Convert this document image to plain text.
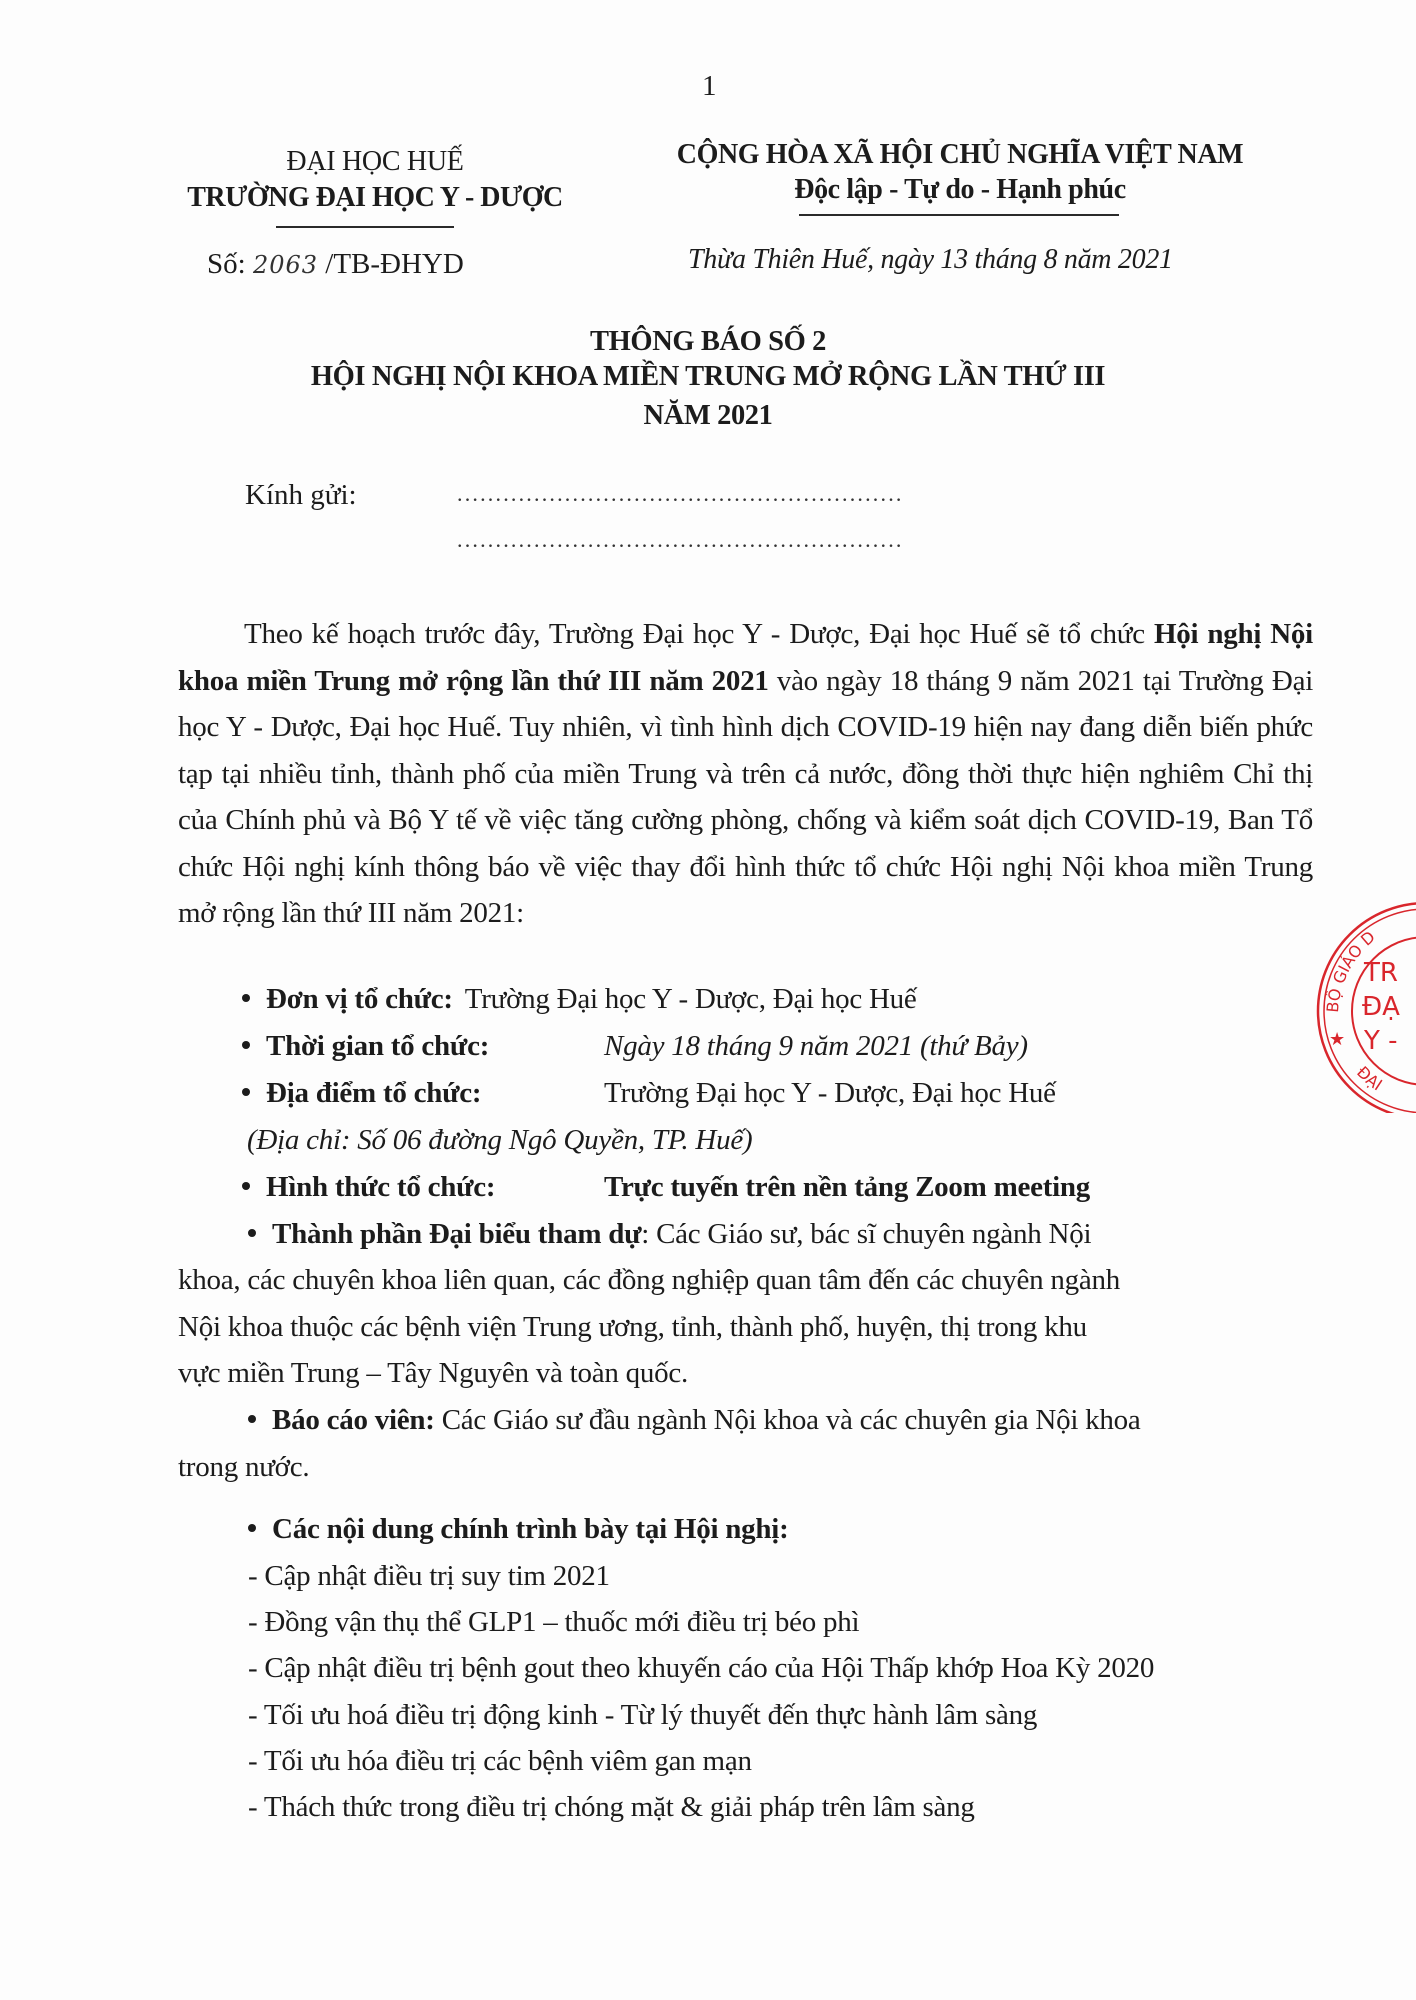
1
ĐẠI HỌC HUẾ
TRƯỜNG ĐẠI HỌC Y - DƯỢC
Số: 2063 /TB-ĐHYD
CỘNG HÒA XÃ HỘI CHỦ NGHĨA VIỆT NAM
Độc lập - Tự do - Hạnh phúc
Thừa Thiên Huế, ngày 13 tháng 8 năm 2021
THÔNG BÁO SỐ 2
HỘI NGHỊ NỘI KHOA MIỀN TRUNG MỞ RỘNG LẦN THỨ III
NĂM 2021
Kính gửi:	..........................................................
..........................................................
Theo kế hoạch trước đây, Trường Đại học Y - Dược, Đại học Huế sẽ tổ chức Hội nghị Nội khoa miền Trung mở rộng lần thứ III năm 2021 vào ngày 18 tháng 9 năm 2021 tại Trường Đại học Y - Dược, Đại học Huế. Tuy nhiên, vì tình hình dịch COVID-19 hiện nay đang diễn biến phức tạp tại nhiều tỉnh, thành phố của miền Trung và trên cả nước, đồng thời thực hiện nghiêm Chỉ thị của Chính phủ và Bộ Y tế về việc tăng cường phòng, chống và kiểm soát dịch COVID-19, Ban Tổ chức Hội nghị kính thông báo về việc thay đổi hình thức tổ chức Hội nghị Nội khoa miền Trung mở rộng lần thứ III năm 2021:
Đơn vị tổ chức: Trường Đại học Y - Dược, Đại học Huế
Thời gian tổ chức:	Ngày 18 tháng 9 năm 2021 (thứ Bảy)
Địa điểm tổ chức:	Trường Đại học Y - Dược, Đại học Huế
(Địa chỉ: Số 06 đường Ngô Quyền, TP. Huế)
Hình thức tổ chức:	Trực tuyến trên nền tảng Zoom meeting
Thành phần Đại biểu tham dự: Các Giáo sư, bác sĩ chuyên ngành Nội
khoa, các chuyên khoa liên quan, các đồng nghiệp quan tâm đến các chuyên ngành
Nội khoa thuộc các bệnh viện Trung ương, tỉnh, thành phố, huyện, thị trong khu
vực miền Trung – Tây Nguyên và toàn quốc.
Báo cáo viên: Các Giáo sư đầu ngành Nội khoa và các chuyên gia Nội khoa
trong nước.
Các nội dung chính trình bày tại Hội nghị:
- Cập nhật điều trị suy tim 2021
- Đồng vận thụ thể GLP1 – thuốc mới điều trị béo phì
- Cập nhật điều trị bệnh gout theo khuyến cáo của Hội Thấp khớp Hoa Kỳ 2020
- Tối ưu hoá điều trị động kinh - Từ lý thuyết đến thực hành lâm sàng
- Tối ưu hóa điều trị các bệnh viêm gan mạn
- Thách thức trong điều trị chóng mặt & giải pháp trên lâm sàng
BỘ GIÁO D
ĐẠI
★
TR
ĐẠ
Y -
